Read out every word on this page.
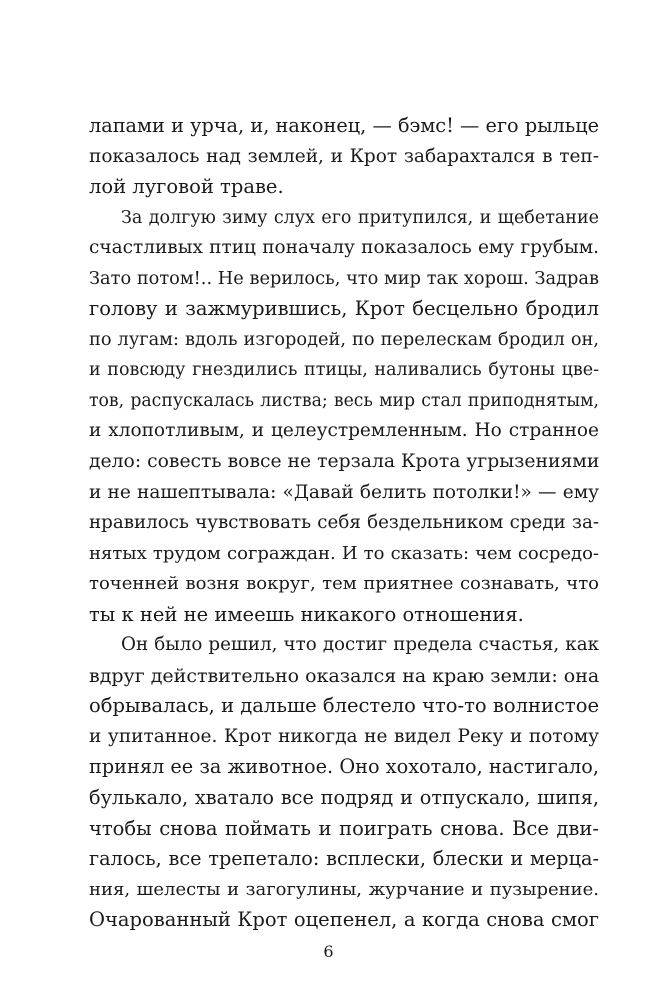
лапами и урча, и, наконец, — бэмс! — его рыльце
показалось над землей, и Крот забарахтался в теп-
лой луговой траве.
За долгую зиму слух его притупился, и щебетание
счастливых птиц поначалу показалось ему грубым.
Зато потом!.. Не верилось, что мир так хорош. Задрав
голову и зажмурившись, Крот бесцельно бродил
по лугам: вдоль изгородей, по перелескам бродил он,
и повсюду гнездились птицы, наливались бутоны цве-
тов, распускалась листва; весь мир стал приподнятым,
и хлопотливым, и целеустремленным. Но странное
дело: совесть вовсе не терзала Крота угрызениями
и не нашептывала: «Давай белить потолки!» — ему
нравилось чувствовать себя бездельником среди за-
нятых трудом сограждан. И то сказать: чем сосредо-
точенней возня вокруг, тем приятнее сознавать, что
ты к ней не имеешь никакого отношения.
Он было решил, что достиг предела счастья, как
вдруг действительно оказался на краю земли: она
обрывалась, и дальше блестело что-то волнистое
и упитанное. Крот никогда не видел Реку и потому
принял ее за животное. Оно хохотало, настигало,
булькало, хватало все подряд и отпускало, шипя,
чтобы снова поймать и поиграть снова. Все дви-
галось, все трепетало: всплески, блески и мерца-
ния, шелесты и загогулины, журчание и пузырение.
Очарованный Крот оцепенел, а когда снова смог
6
